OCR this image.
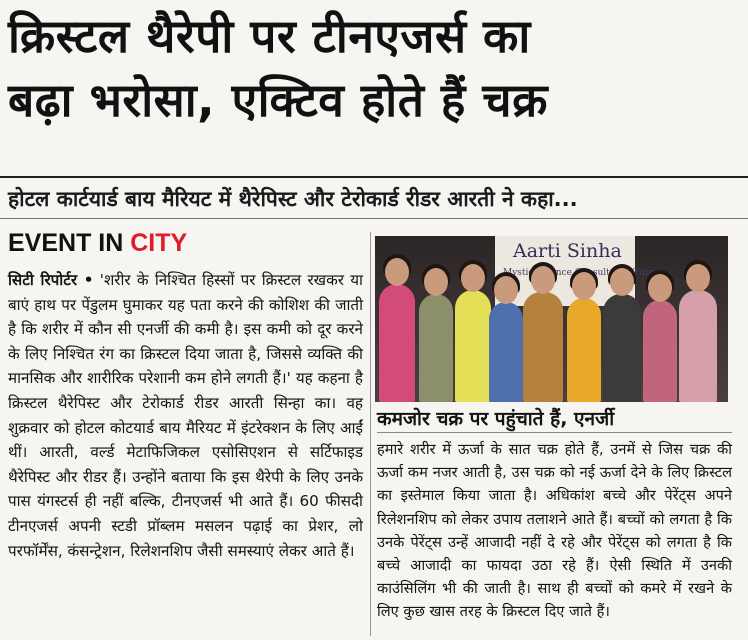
क्रिस्टल थैरेपी पर टीनएजर्स का
बढ़ा भरोसा, एक्टिव होते हैं चक्र
होटल कार्टयार्ड बाय मैरियट में थैरेपिस्ट और टेरोकार्ड रीडर आरती ने कहा...
EVENT IN CITY

सिटी रिपोर्टर • 'शरीर के निश्चित हिस्सों पर क्रिस्टल रखकर या बाएं हाथ पर पेंडुलम घुमाकर यह पता करने की कोशिश की जाती है कि शरीर में कौन सी एनर्जी की कमी है। इस कमी को दूर करने के लिए निश्चित रंग का क्रिस्टल दिया जाता है, जिससे व्यक्ति की मानसिक और शारीरिक परेशानी कम होने लगती हैं।' यह कहना है क्रिस्टल थैरेपिस्ट और टेरोकार्ड रीडर आरती सिन्हा का। वह शुक्रवार को होटल कोटयार्ड बाय मैरियट में इंटरेक्शन के लिए आईं थीं। आरती, वर्ल्ड मेटाफिजिकल एसोसिएशन से सर्टिफाइड थैरेपिस्ट और रीडर हैं। उन्होंने बताया कि इस थैरेपी के लिए उनके पास यंगस्टर्स ही नहीं बल्कि, टीनएजर्स भी आते हैं। 60 फीसदी टीनएजर्स अपनी स्टडी प्रॉब्लम मसलन पढ़ाई का प्रेशर, लो परफॉर्मेंस, कंसन्ट्रेशन, रिलेशनशिप जैसी समस्याएं लेकर आते हैं।

Aarti Sinha
Mystic Consultant Tutor
कमजोर चक्र पर पहुंचाते हैं, एनर्जी

हमारे शरीर में ऊर्जा के सात चक्र होते हैं, उनमें से जिस चक्र की ऊर्जा कम नजर आती है, उस चक्र को नई ऊर्जा देने के लिए क्रिस्टल का इस्तेमाल किया जाता है। अधिकांश बच्चे और पेरेंट्स अपने रिलेशनशिप को लेकर उपाय तलाशने आते हैं। बच्चों को लगता है कि उनके पेरेंट्स उन्हें आजादी नहीं दे रहे और पेरेंट्स को लगता है कि बच्चे आजादी का फायदा उठा रहे हैं। ऐसी स्थिति में उनकी काउंसिलिंग भी की जाती है। साथ ही बच्चों को कमरे में रखने के लिए कुछ खास तरह के क्रिस्टल दिए जाते हैं।
